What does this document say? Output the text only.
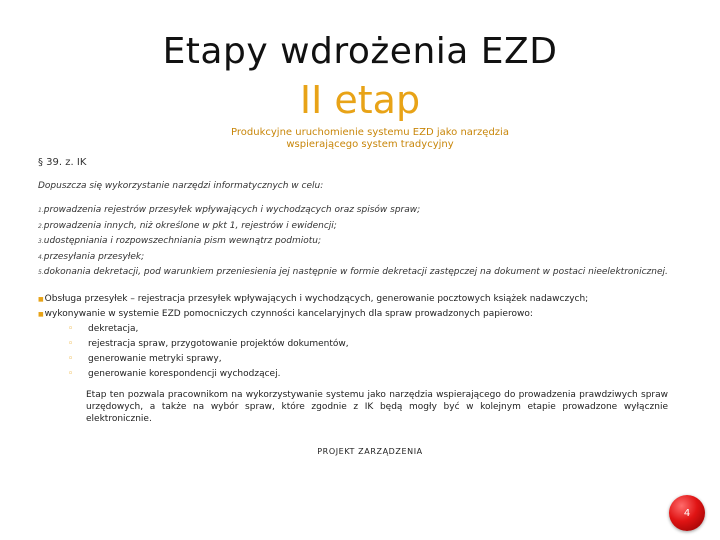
Etapy wdrożenia EZD
II etap
Produkcyjne uruchomienie systemu EZD jako narzędzia wspierającego system tradycyjny
§ 39. z. IK
Dopuszcza się wykorzystanie narzędzi informatycznych w celu:
1.prowadzenia rejestrów przesyłek wpływających i wychodzących oraz spisów spraw;
2.prowadzenia innych, niż określone w pkt 1, rejestrów i ewidencji;
3.udostępniania i rozpowszechniania pism wewnątrz podmiotu;
4.przesyłania przesyłek;
5.dokonania dekretacji, pod warunkiem przeniesienia jej następnie w formie dekretacji zastępczej na dokument w postaci nieelektronicznej.
■Obsługa przesyłek – rejestracja przesyłek wpływających i wychodzących, generowanie pocztowych książek nadawczych;
■wykonywanie w systemie EZD pomocniczych czynności kancelaryjnych dla spraw prowadzonych papierowo:
◦ dekretacja,
◦ rejestracja spraw, przygotowanie projektów dokumentów,
◦ generowanie metryki sprawy,
◦ generowanie korespondencji wychodzącej.
Etap ten pozwala pracownikom na wykorzystywanie systemu jako narzędzia wspierającego do prowadzenia prawdziwych spraw urzędowych, a także na wybór spraw, które zgodnie z IK będą mogły być w kolejnym etapie prowadzone wyłącznie elektronicznie.
PROJEKT ZARZĄDZENIA
4
